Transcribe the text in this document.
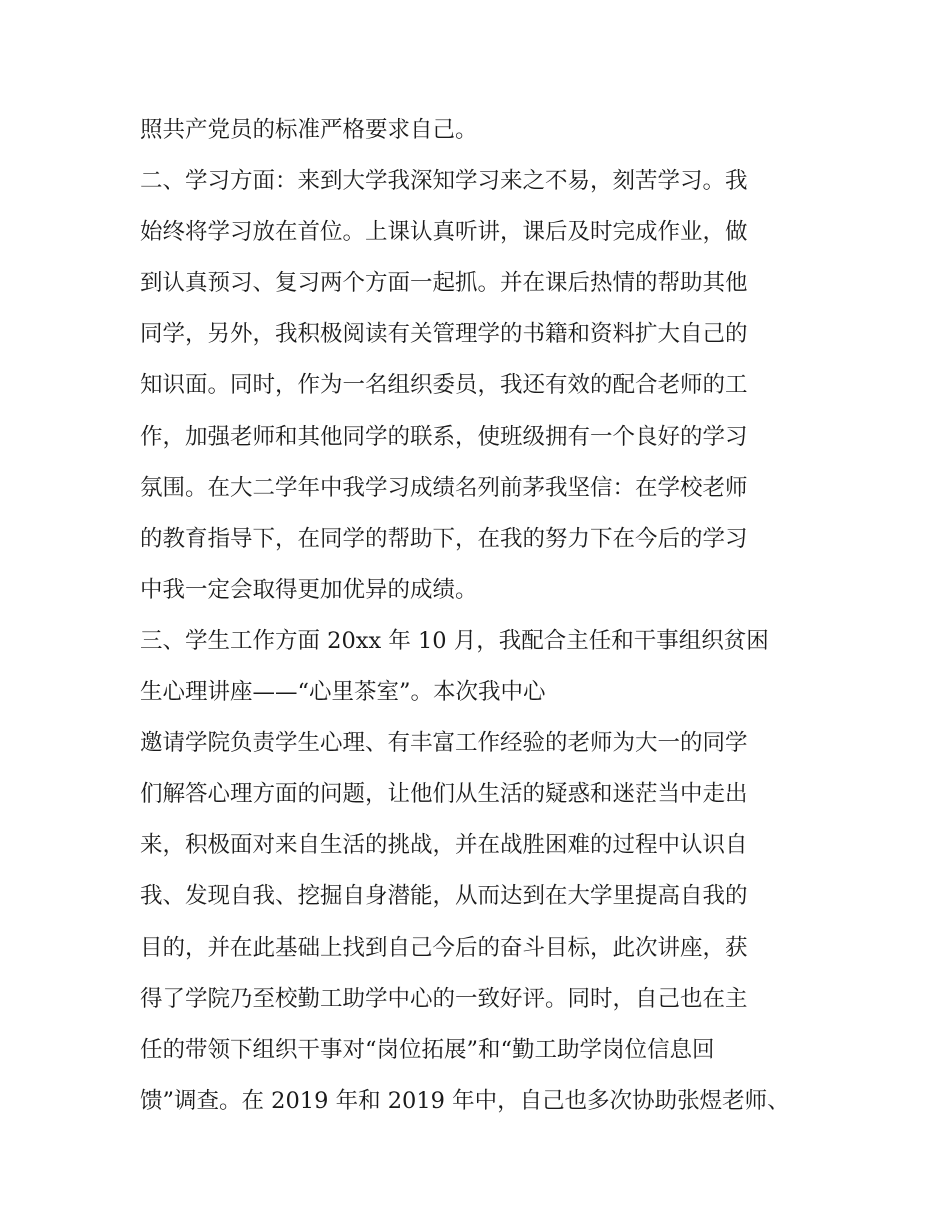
照共产党员的标准严格要求自己。
二、学习方面：来到大学我深知学习来之不易，刻苦学习。我
始终将学习放在首位。上课认真听讲，课后及时完成作业，做
到认真预习、复习两个方面一起抓。并在课后热情的帮助其他
同学，另外，我积极阅读有关管理学的书籍和资料扩大自己的
知识面。同时，作为一名组织委员，我还有效的配合老师的工
作，加强老师和其他同学的联系，使班级拥有一个良好的学习
氛围。在大二学年中我学习成绩名列前茅我坚信：在学校老师
的教育指导下，在同学的帮助下，在我的努力下在今后的学习
中我一定会取得更加优异的成绩。
三、学生工作方面 20xx 年 10 月，我配合主任和干事组织贫困
生心理讲座——“心里茶室”。本次我中心
邀请学院负责学生心理、有丰富工作经验的老师为大一的同学
们解答心理方面的问题，让他们从生活的疑惑和迷茫当中走出
来，积极面对来自生活的挑战，并在战胜困难的过程中认识自
我、发现自我、挖掘自身潜能，从而达到在大学里提高自我的
目的，并在此基础上找到自己今后的奋斗目标，此次讲座，获
得了学院乃至校勤工助学中心的一致好评。同时，自己也在主
任的带领下组织干事对“岗位拓展”和“勤工助学岗位信息回
馈”调查。在 2019 年和 2019 年中，自己也多次协助张煜老师、
